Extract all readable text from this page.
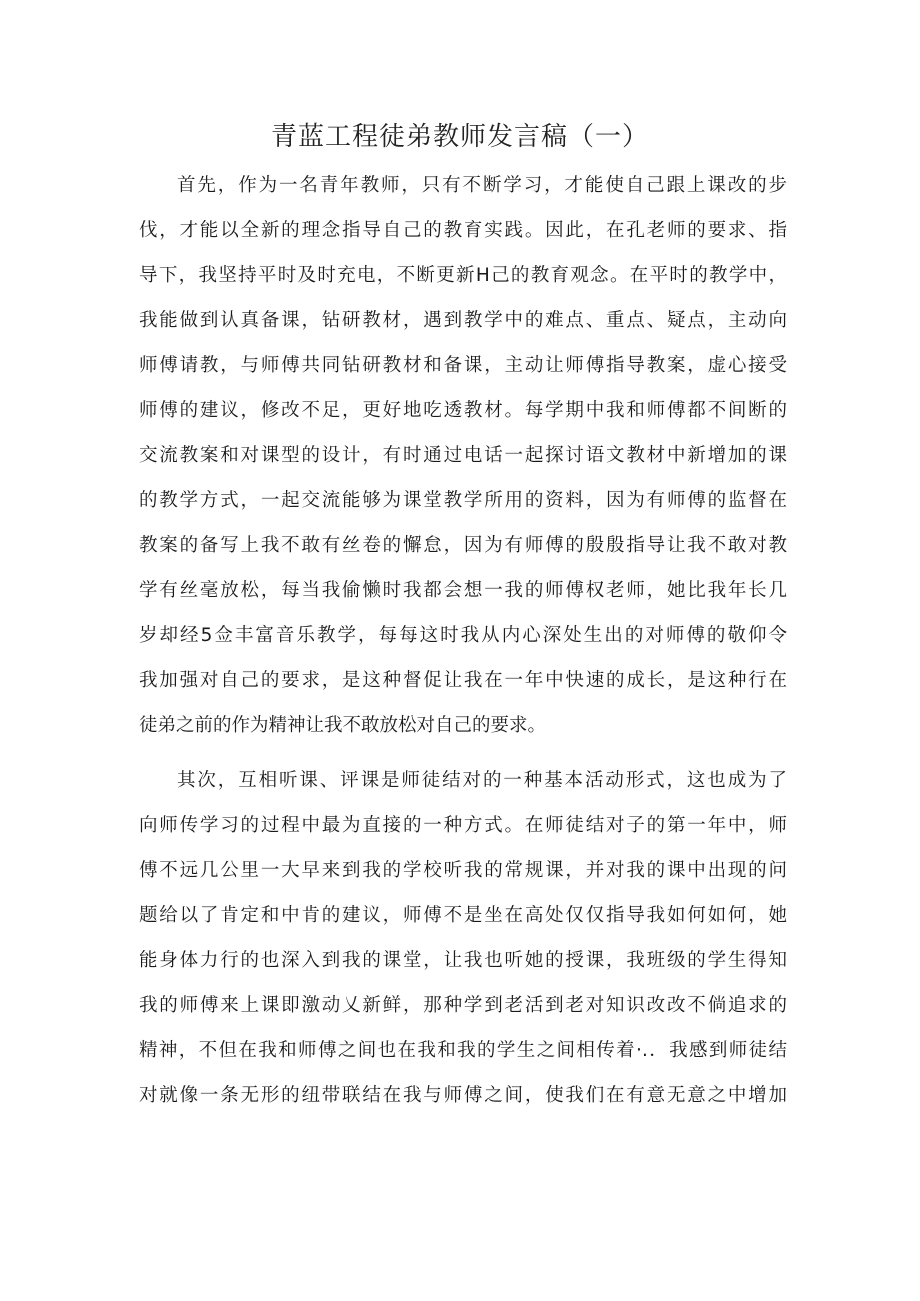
青蓝工程徒弟教师发言稿（一）
首先，作为一名青年教师，只有不断学习，才能使自己跟上课改的步
伐，才能以全新的理念指导自己的教育实践。因此，在孔老师的要求、指
导下，我坚持平时及时充电，不断更新H己的教育观念。在平时的教学中，
我能做到认真备课，钻研教材，遇到教学中的难点、重点、疑点，主动向
师傅请教，与师傅共同钻研教材和备课，主动让师傅指导教案，虚心接受
师傅的建议，修改不足，更好地吃透教材。每学期中我和师傅都不间断的
交流教案和对课型的设计，有时通过电话一起探讨语文教材中新增加的课
的教学方式，一起交流能够为课堂教学所用的资料，因为有师傅的监督在
教案的备写上我不敢有丝卷的懈怠，因为有师傅的殷殷指导让我不敢对教
学有丝毫放松，每当我偷懒时我都会想一我的师傅权老师，她比我年长几
岁却经5佥丰富音乐教学，每每这时我从内心深处生出的对师傅的敬仰令
我加强对自己的要求，是这种督促让我在一年中快速的成长，是这种行在
徒弟之前的作为精神让我不敢放松对自己的要求。
其次，互相听课、评课是师徒结对的一种基本活动形式，这也成为了
向师传学习的过程中最为直接的一种方式。在师徒结对子的第一年中，师
傅不远几公里一大早来到我的学校听我的常规课，并对我的课中出现的问
题给以了肯定和中肯的建议，师傅不是坐在高处仅仅指导我如何如何，她
能身体力行的也深入到我的课堂，让我也听她的授课，我班级的学生得知
我的师傅来上课即激动乂新鲜，那种学到老活到老对知识改改不倘追求的
精神，不但在我和师傅之间也在我和我的学生之间相传着·.．我感到师徒结
对就像一条无形的纽带联结在我与师傅之间，使我们在有意无意之中增加
